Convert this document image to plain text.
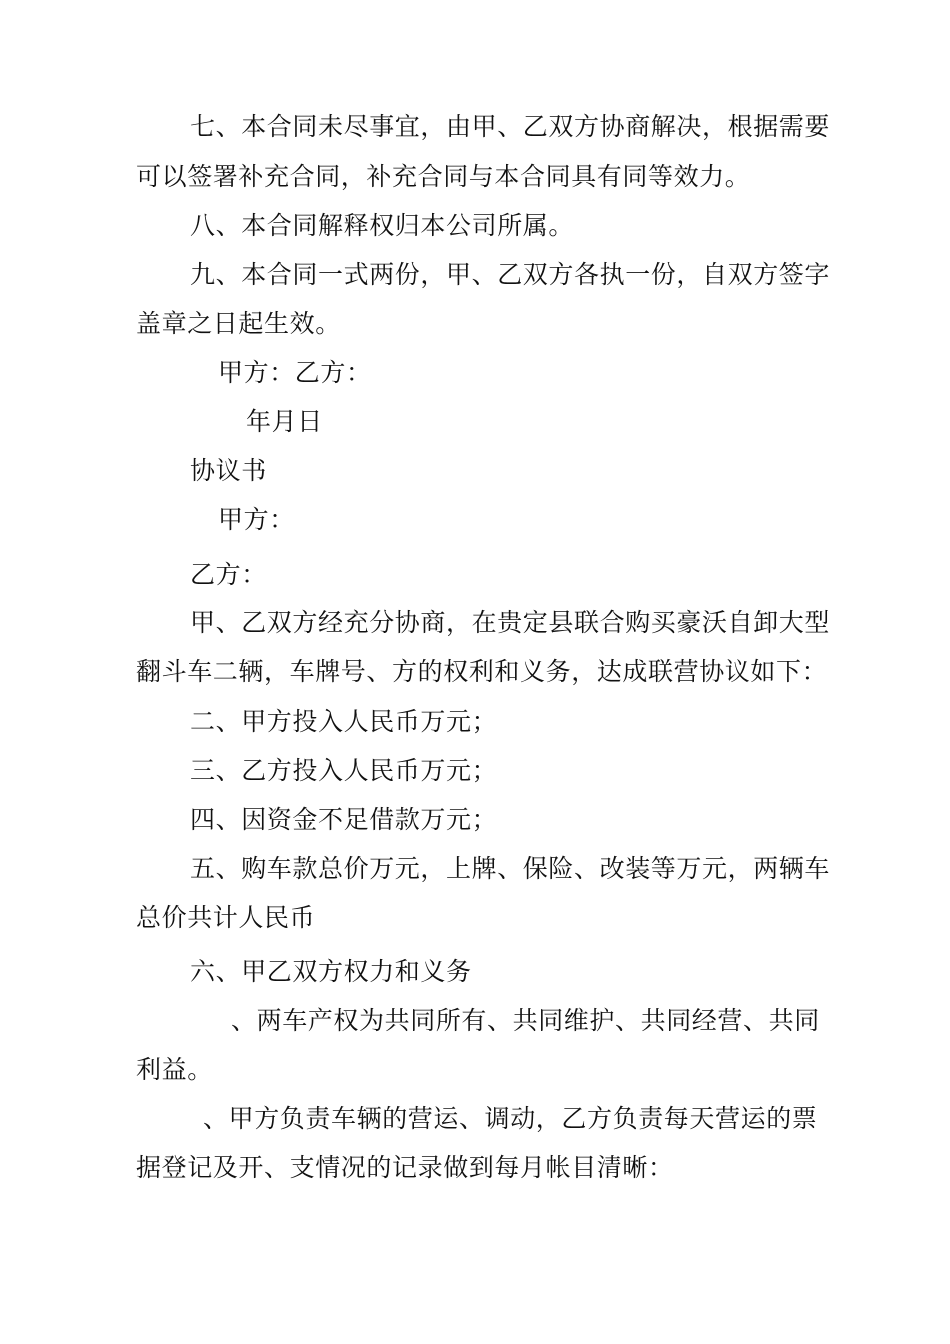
七、本合同未尽事宜，由甲、乙双方协商解决，根据需要
可以签署补充合同，补充合同与本合同具有同等效力。
八、本合同解释权归本公司所属。
九、本合同一式两份，甲、乙双方各执一份，自双方签字
盖章之日起生效。
甲方：乙方：
年月日
协议书
甲方：
乙方：
甲、乙双方经充分协商，在贵定县联合购买豪沃自卸大型
翻斗车二辆，车牌号、方的权利和义务，达成联营协议如下：
二、甲方投入人民币万元；
三、乙方投入人民币万元；
四、因资金不足借款万元；
五、购车款总价万元，上牌、保险、改装等万元，两辆车
总价共计人民币
六、甲乙双方权力和义务
、两车产权为共同所有、共同维护、共同经营、共同
利益。
、甲方负责车辆的营运、调动，乙方负责每天营运的票
据登记及开、支情况的记录做到每月帐目清晰：
